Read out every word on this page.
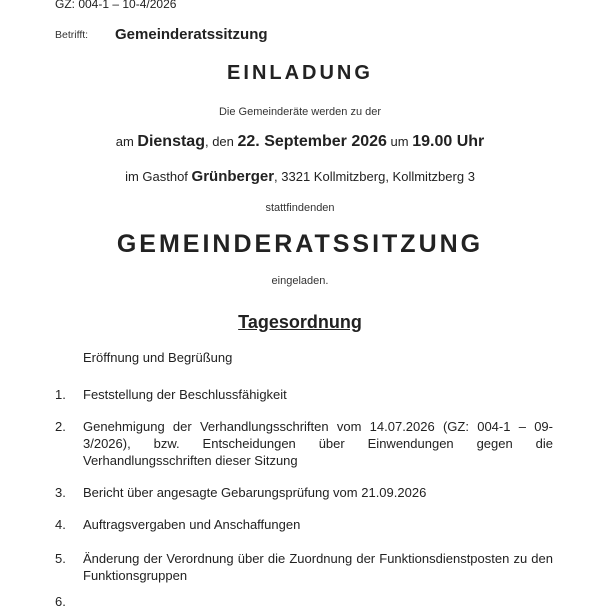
GZ: 004-1 – 10-4/2026
Betrifft: Gemeinderatssitzung
EINLADUNG
Die Gemeinderäte werden zu der
am Dienstag, den 22. September 2026 um 19.00 Uhr
im Gasthof Grünberger, 3321 Kollmitzberg, Kollmitzberg 3
stattfindenden
GEMEINDERATSSITZUNG
eingeladen.
Tagesordnung
Eröffnung und Begrüßung
1. Feststellung der Beschlussfähigkeit
2. Genehmigung der Verhandlungsschriften vom 14.07.2026 (GZ: 004-1 – 09-3/2026), bzw. Entscheidungen über Einwendungen gegen die Verhandlungsschriften dieser Sitzung
3. Bericht über angesagte Gebarungsprüfung vom 21.09.2026
4. Auftragsvergaben und Anschaffungen
5. Änderung der Verordnung über die Zuordnung der Funktionsdienstposten zu den Funktionsgruppen
6.
